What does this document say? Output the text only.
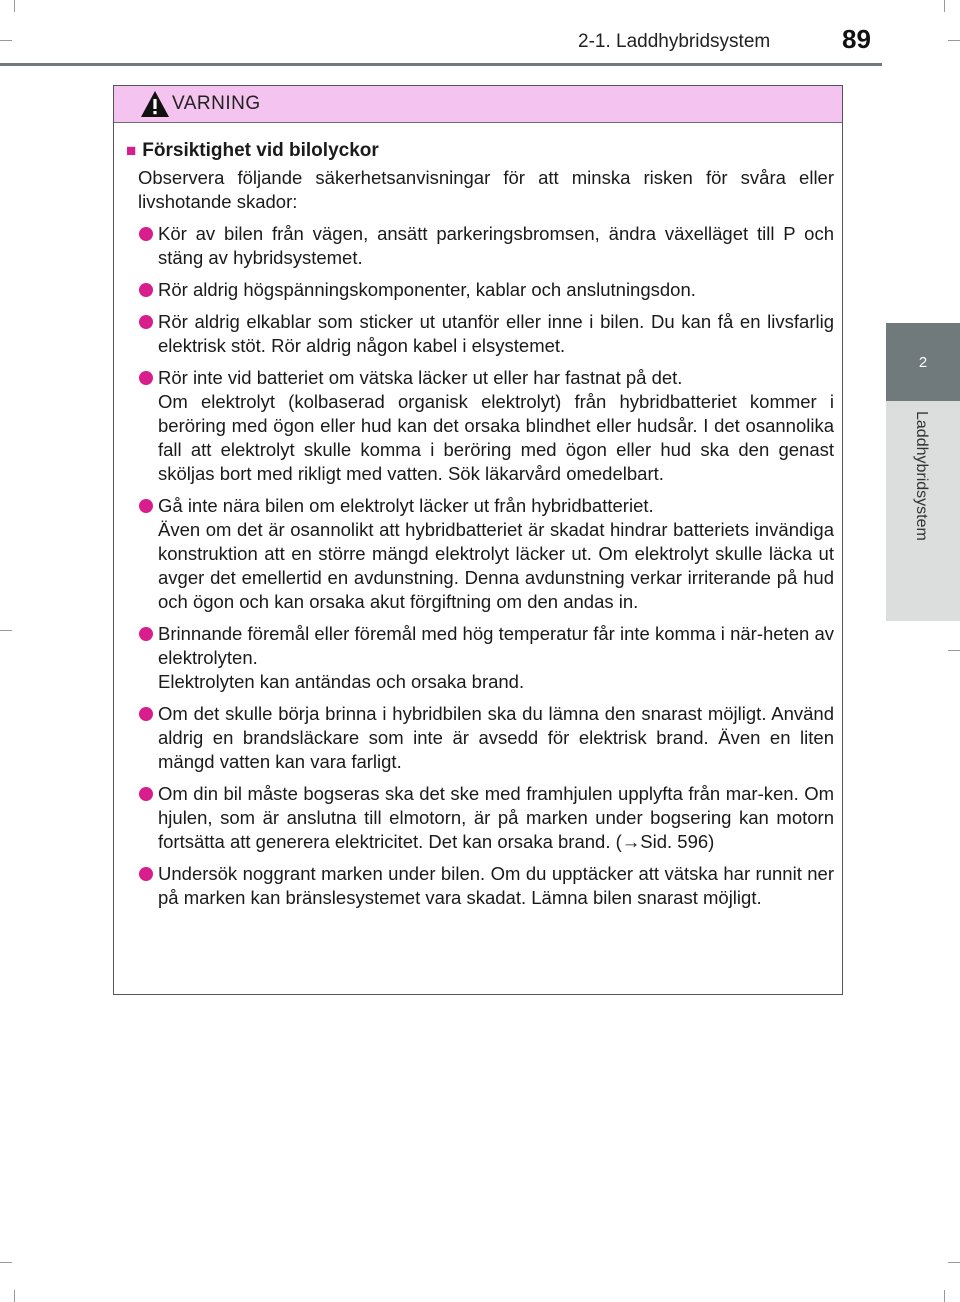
2-1. Laddhybridsystem	89
2
Laddhybridsystem
VARNING
■ Försiktighet vid bilolyckor
Observera följande säkerhetsanvisningar för att minska risken för svåra eller livshotande skador:

Kör av bilen från vägen, ansätt parkeringsbromsen, ändra växelläget till P och stäng av hybridsystemet.

Rör aldrig högspänningskomponenter, kablar och anslutningsdon.

Rör aldrig elkablar som sticker ut utanför eller inne i bilen. Du kan få en livsfarlig elektrisk stöt. Rör aldrig någon kabel i elsystemet.

Rör inte vid batteriet om vätska läcker ut eller har fastnat på det.

Om elektrolyt (kolbaserad organisk elektrolyt) från hybridbatteriet kommer i beröring med ögon eller hud kan det orsaka blindhet eller hudsår. I det osannolika fall att elektrolyt skulle komma i beröring med ögon eller hud ska den genast sköljas bort med rikligt med vatten. Sök läkarvård omedelbart.

Gå inte nära bilen om elektrolyt läcker ut från hybridbatteriet.

Även om det är osannolikt att hybridbatteriet är skadat hindrar batteriets invändiga konstruktion att en större mängd elektrolyt läcker ut. Om elektrolyt skulle läcka ut avger det emellertid en avdunstning. Denna avdunstning verkar irriterande på hud och ögon och kan orsaka akut förgiftning om den andas in.

Brinnande föremål eller föremål med hög temperatur får inte komma i när-heten av elektrolyten.

Elektrolyten kan antändas och orsaka brand.

Om det skulle börja brinna i hybridbilen ska du lämna den snarast möjligt. Använd aldrig en brandsläckare som inte är avsedd för elektrisk brand. Även en liten mängd vatten kan vara farligt.

Om din bil måste bogseras ska det ske med framhjulen upplyfta från mar-ken. Om hjulen, som är anslutna till elmotorn, är på marken under bogsering kan motorn fortsätta att generera elektricitet. Det kan orsaka brand. (→Sid. 596)

Undersök noggrant marken under bilen. Om du upptäcker att vätska har runnit ner på marken kan bränslesystemet vara skadat. Lämna bilen snarast möjligt.
